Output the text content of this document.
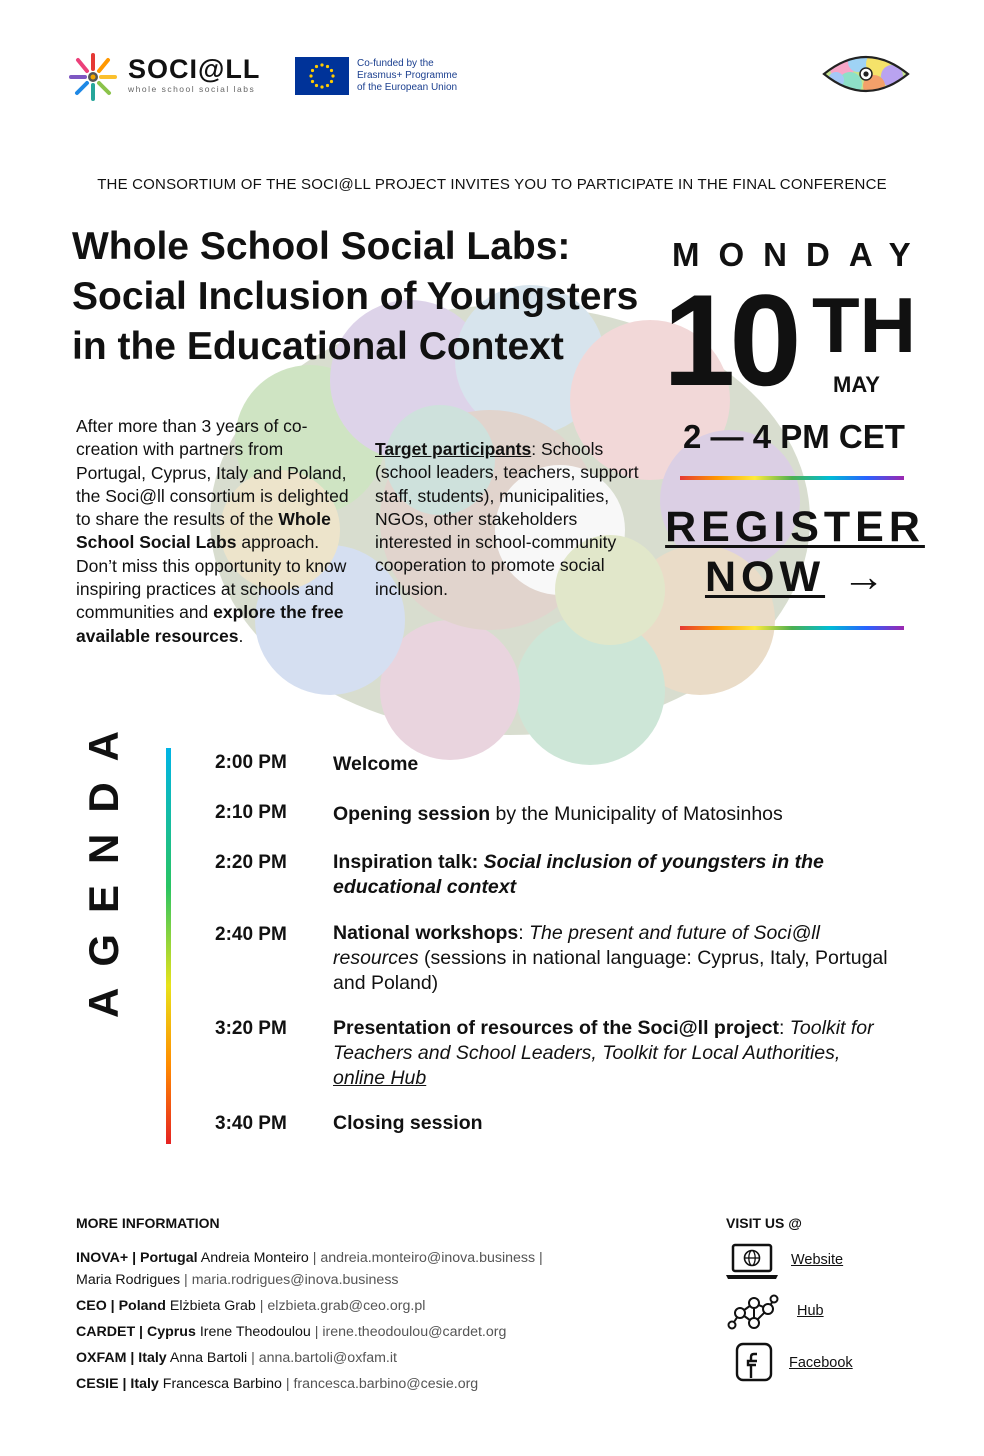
SOCI@LL
whole school social labs
Co-funded by the
Erasmus+ Programme
of the European Union
THE CONSORTIUM OF THE SOCI@LL PROJECT INVITES YOU TO PARTICIPATE IN THE FINAL CONFERENCE
Whole School Social Labs:
Social Inclusion of Youngsters
in the Educational Context
MONDAY
10 TH
MAY
2 — 4 PM CET
REGISTER
NOW →
After more than 3 years of co-creation with partners from Portugal, Cyprus, Italy and Poland, the Soci@ll consortium is delighted to share the results of the Whole School Social Labs approach. Don’t miss this opportunity to know inspiring practices at schools and communities and explore the free available resources.
Target participants: Schools (school leaders, teachers, support staff, students), municipalities, NGOs, other stakeholders interested in school-community cooperation to promote social inclusion.
AGENDA	2:00 PM Welcome
2:10 PM Opening session by the Municipality of Matosinhos
2:20 PM Inspiration talk: Social inclusion of youngsters in the educational context
2:40 PM National workshops: The present and future of Soci@ll resources (sessions in national language: Cyprus, Italy, Portugal and Poland)
3:20 PM Presentation of resources of the Soci@ll project: Toolkit for Teachers and School Leaders, Toolkit for Local Authorities, online Hub
3:40 PM Closing session
MORE INFORMATION
INOVA+ | Portugal Andreia Monteiro | andreia.monteiro@inova.business |
Maria Rodrigues | maria.rodrigues@inova.business
CEO | Poland Elżbieta Grab | elzbieta.grab@ceo.org.pl
CARDET | Cyprus Irene Theodoulou | irene.theodoulou@cardet.org
OXFAM | Italy Anna Bartoli | anna.bartoli@oxfam.it
CESIE | Italy Francesca Barbino | francesca.barbino@cesie.org
VISIT US @
Website
Hub
Facebook
